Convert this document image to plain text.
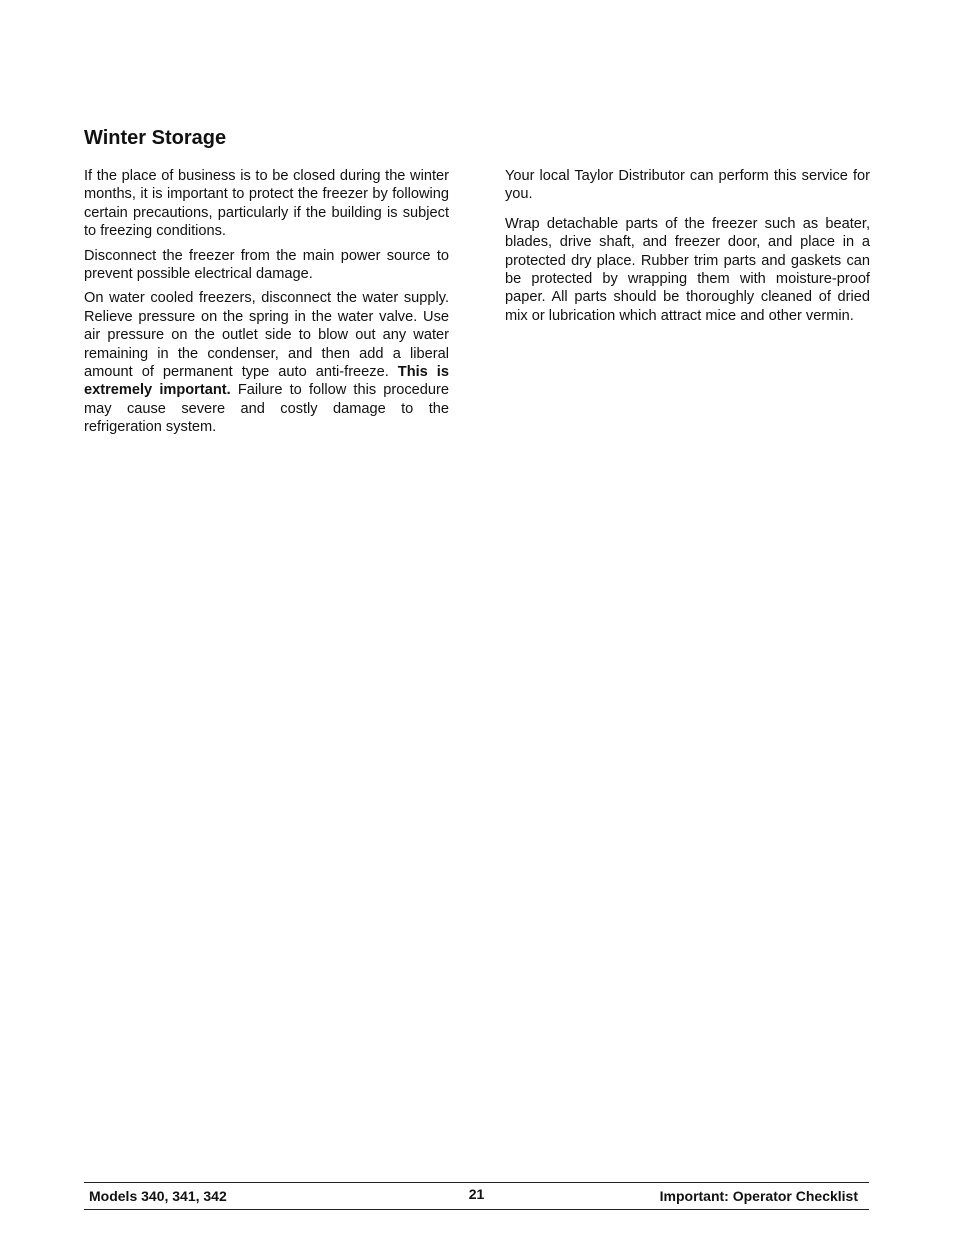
Winter Storage

If the place of business is to be closed during the winter months, it is important to protect the freezer by following certain precautions, particularly if the building is subject to freezing conditions.

Disconnect the freezer from the main power source to prevent possible electrical damage.

On water cooled freezers, disconnect the water supply. Relieve pressure on the spring in the water valve. Use air pressure on the outlet side to blow out any water remaining in the condenser, and then add a liberal amount of permanent type auto anti-freeze. This is extremely important. Failure to follow this procedure may cause severe and costly damage to the refrigeration system.

Your local Taylor Distributor can perform this service for you.

Wrap detachable parts of the freezer such as beater, blades, drive shaft, and freezer door, and place in a protected dry place. Rubber trim parts and gaskets can be protected by wrapping them with moisture-proof paper. All parts should be thoroughly cleaned of dried mix or lubrication which attract mice and other vermin.

Models 340, 341, 342	21	Important: Operator Checklist
